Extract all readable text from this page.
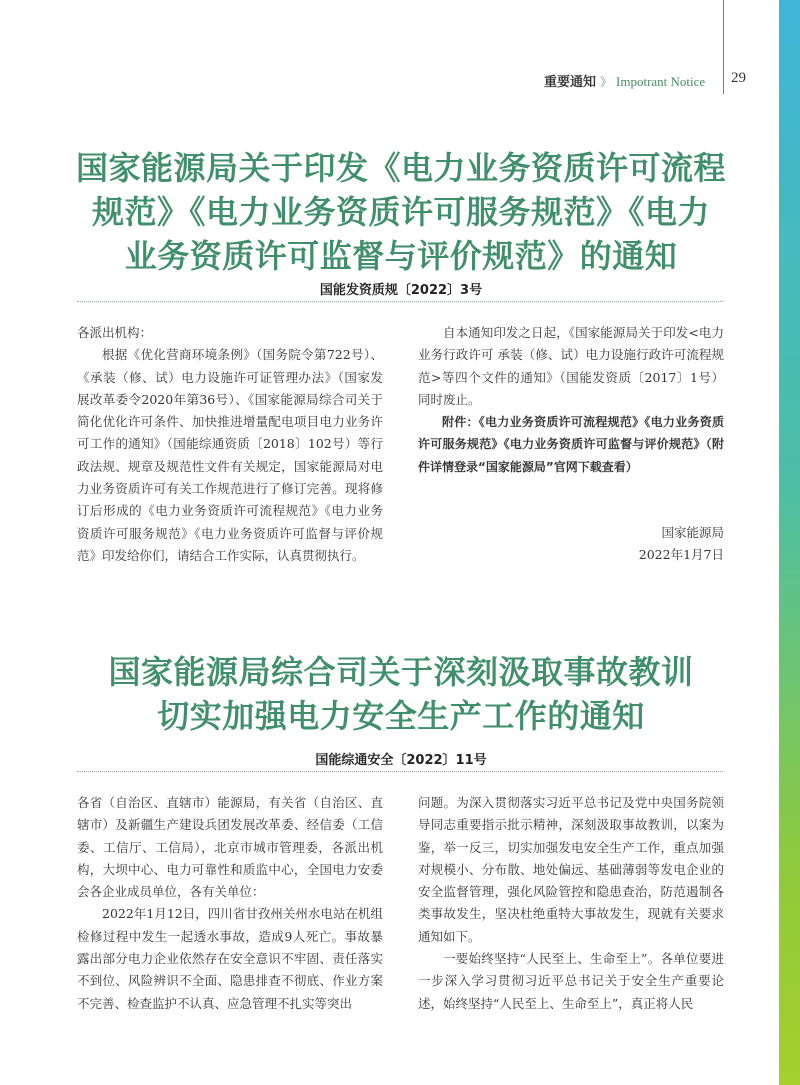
重要通知 》 Impotrant Notice 29
国家能源局关于印发《电力业务资质许可流程
规范》《电力业务资质许可服务规范》《电力
业务资质许可监督与评价规范》的通知
国能发资质规〔2022〕3号

各派出机构：

根据《优化营商环境条例》（国务院令第722号）、《承装（修、试）电力设施许可证管理办法》（国家发展改革委令2020年第36号）、《国家能源局综合司关于简化优化许可条件、加快推进增量配电项目电力业务许可工作的通知》（国能综通资质〔2018〕102号）等行政法规、规章及规范性文件有关规定，国家能源局对电力业务资质许可有关工作规范进行了修订完善。现将修订后形成的《电力业务资质许可流程规范》《电力业务资质许可服务规范》《电力业务资质许可监督与评价规范》印发给你们，请结合工作实际，认真贯彻执行。

自本通知印发之日起，《国家能源局关于印发<电力业务行政许可 承装（修、试）电力设施行政许可流程规范>等四个文件的通知》（国能发资质〔2017〕1号）同时废止。

附件：《电力业务资质许可流程规范》《电力业务资质许可服务规范》《电力业务资质许可监督与评价规范》（附件详情登录“国家能源局”官网下载查看）

国家能源局

2022年1月7日

国家能源局综合司关于深刻汲取事故教训
切实加强电力安全生产工作的通知
国能综通安全〔2022〕11号

各省（自治区、直辖市）能源局，有关省（自治区、直辖市）及新疆生产建设兵团发展改革委、经信委（工信委、工信厅、工信局），北京市城市管理委，各派出机构，大坝中心、电力可靠性和质监中心，全国电力安委会各企业成员单位，各有关单位：

2022年1月12日，四川省甘孜州关州水电站在机组检修过程中发生一起透水事故，造成9人死亡。事故暴露出部分电力企业依然存在安全意识不牢固、责任落实不到位、风险辨识不全面、隐患排查不彻底、作业方案不完善、检查监护不认真、应急管理不扎实等突出

问题。为深入贯彻落实习近平总书记及党中央国务院领导同志重要指示批示精神，深刻汲取事故教训，以案为鉴，举一反三，切实加强发电安全生产工作，重点加强对规模小、分布散、地处偏远、基础薄弱等发电企业的安全监督管理，强化风险管控和隐患查治，防范遏制各类事故发生，坚决杜绝重特大事故发生，现就有关要求通知如下。

一要始终坚持“人民至上、生命至上”。各单位要进一步深入学习贯彻习近平总书记关于安全生产重要论述，始终坚持“人民至上、生命至上”，真正将人民
